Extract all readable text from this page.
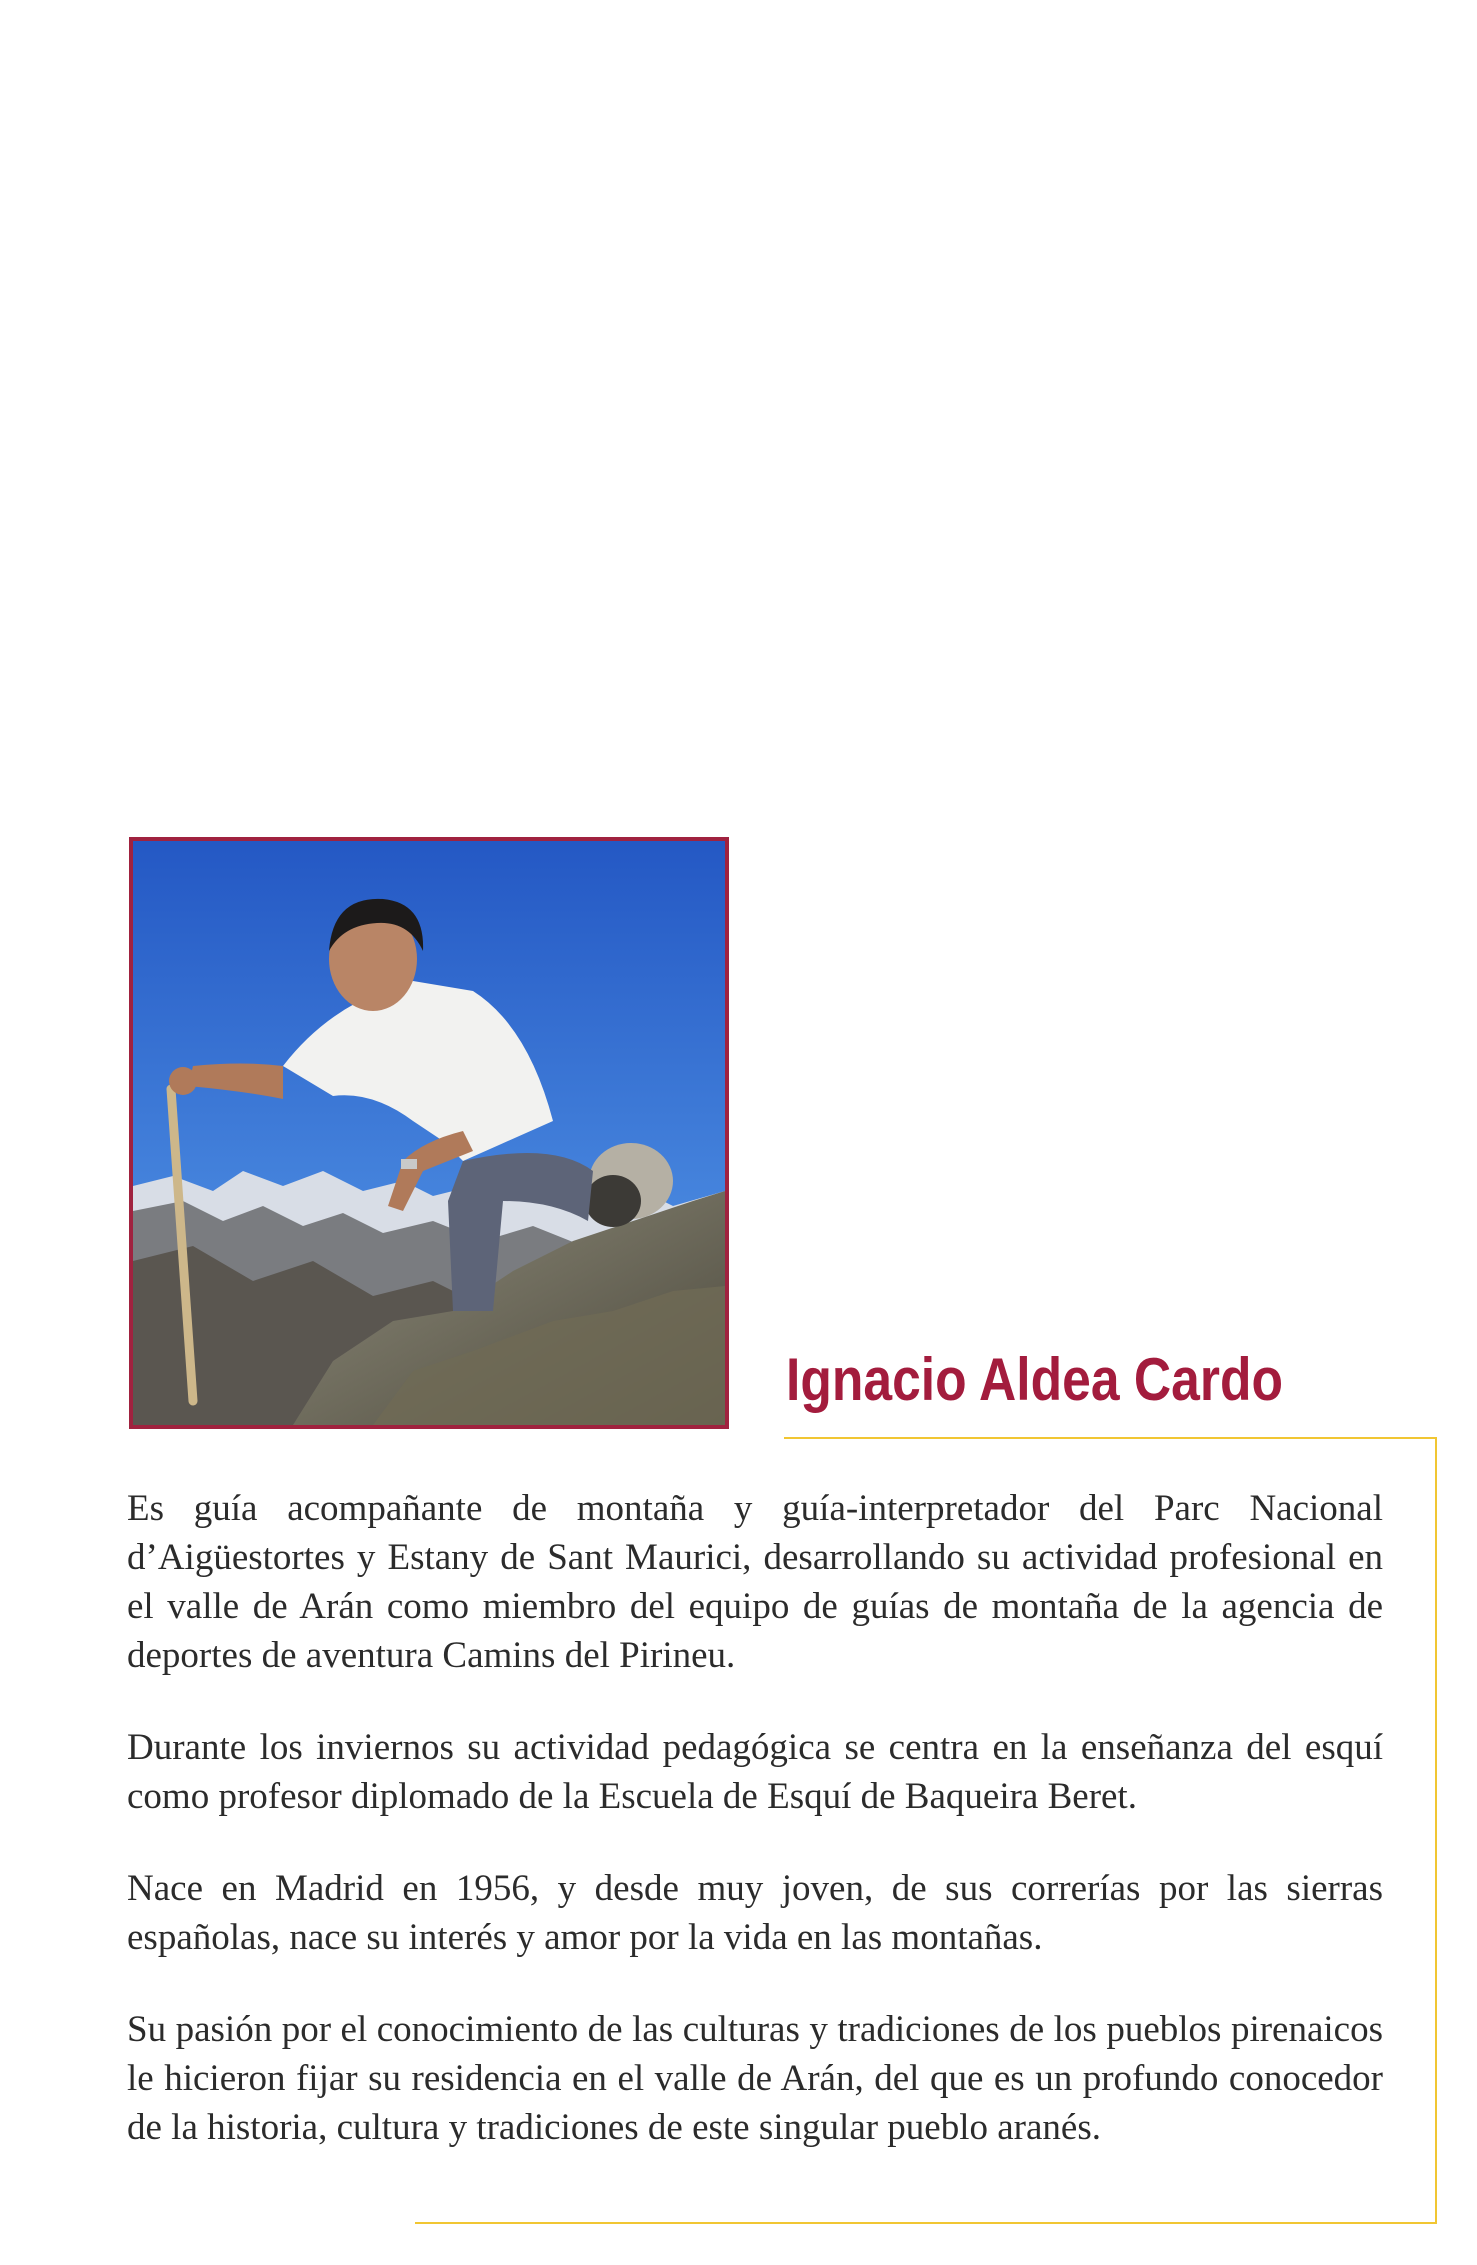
Ignacio Aldea Cardo

Es guía acompañante de montaña y guía-interpretador del Parc Nacional d’Aigüestortes y Estany de Sant Maurici, desarrollando su actividad profesional en el valle de Arán como miembro del equipo de guías de montaña de la agencia de deportes de aventura Camins del Pirineu.

Durante los inviernos su actividad pedagógica se centra en la enseñanza del esquí como profesor diplomado de la Escuela de Esquí de Baqueira Beret.

Nace en Madrid en 1956, y desde muy joven, de sus correrías por las sierras españolas, nace su interés y amor por la vida en las montañas.

Su pasión por el conocimiento de las culturas y tradiciones de los pueblos pirenaicos le hicieron fijar su residencia en el valle de Arán, del que es un profundo conocedor de la historia, cultura y tradiciones de este singular pueblo aranés.
